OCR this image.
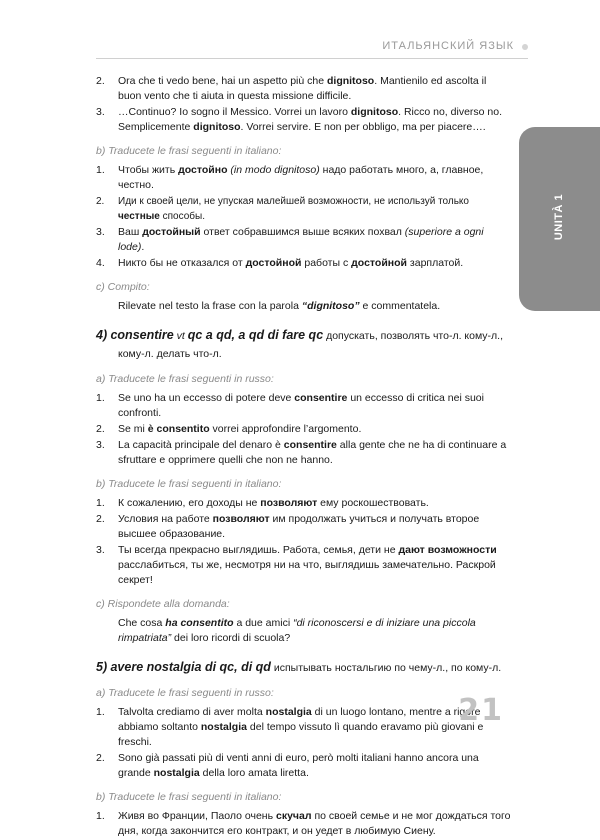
ИТАЛЬЯНСКИЙ ЯЗЫК
UNITÀ 1
2. Ora che ti vedo bene, hai un aspetto più che dignitoso. Mantienilo ed ascolta il buon vento che ti aiuta in questa missione difficile.
3. …Continuo? Io sogno il Messico. Vorrei un lavoro dignitoso. Ricco no, diverso no. Semplicemente dignitoso. Vorrei servire. E non per obbligo, ma per piacere….
b) Traducete le frasi seguenti in italiano:
1. Чтобы жить достойно (in modo dignitoso) надо работать много, а, главное, честно.
2. Иди к своей цели, не упуская малейшей возможности, не используй только честные способы.
3. Ваш достойный ответ собравшимся выше всяких похвал (superiore a ogni lode).
4. Никто бы не отказался от достойной работы с достойной зарплатой.
c) Compito:
Rilevate nel testo la frase con la parola “dignitoso” e commentatela.
4) consentire vt qc a qd, a qd di fare qc допускать, позволять что-л. кому-л., кому-л. делать что-л.
a) Traducete le frasi seguenti in russo:
1. Se uno ha un eccesso di potere deve consentire un eccesso di critica nei suoi confronti.
2. Se mi è consentito vorrei approfondire l’argomento.
3. La capacità principale del denaro è consentire alla gente che ne ha di continuare a sfruttare e opprimere quelli che non ne hanno.
b) Traducete le frasi seguenti in italiano:
1. К сожалению, его доходы не позволяют ему роскошествовать.
2. Условия на работе позволяют им продолжать учиться и получать второе высшее образование.
3. Ты всегда прекрасно выглядишь. Работа, семья, дети не дают возможности расслабиться, ты же, несмотря ни на что, выглядишь замечательно. Раскрой секрет!
c) Rispondete alla domanda:
Che cosa ha consentito a due amici “di riconoscersi e di iniziare una piccola rimpatriata” dei loro ricordi di scuola?
5) avere nostalgia di qc, di qd испытывать ностальгию по чему-л., по кому-л.
a) Traducete le frasi seguenti in russo:
1. Talvolta crediamo di aver molta nostalgia di un luogo lontano, mentre a rigore abbiamo soltanto nostalgia del tempo vissuto lì quando eravamo più giovani e freschi.
2. Sono già passati più di venti anni di euro, però molti italiani hanno ancora una grande nostalgia della loro amata liretta.
b) Traducete le frasi seguenti in italiano:
1. Живя во Франции, Паоло очень скучал по своей семье и не мог дождаться того дня, когда закончится его контракт, и он уедет в любимую Сиену.
21
